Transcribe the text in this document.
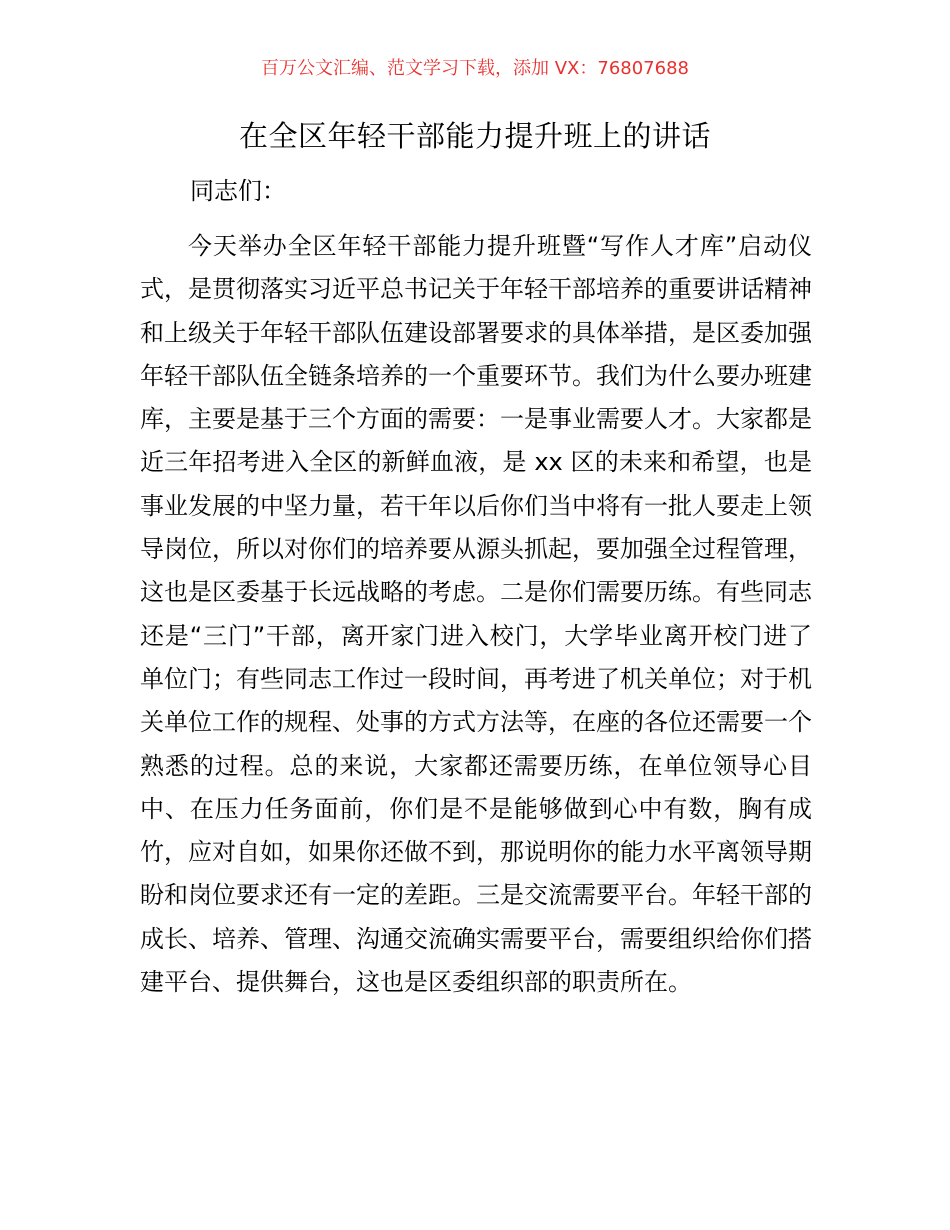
百万公文汇编、范文学习下载，添加 VX：76807688
在全区年轻干部能力提升班上的讲话
同志们：

今天举办全区年轻干部能力提升班暨“写作人才库”启动仪式，是贯彻落实习近平总书记关于年轻干部培养的重要讲话精神和上级关于年轻干部队伍建设部署要求的具体举措，是区委加强年轻干部队伍全链条培养的一个重要环节。我们为什么要办班建库，主要是基于三个方面的需要：一是事业需要人才。大家都是近三年招考进入全区的新鲜血液，是 xx 区的未来和希望，也是事业发展的中坚力量，若干年以后你们当中将有一批人要走上领导岗位，所以对你们的培养要从源头抓起，要加强全过程管理，这也是区委基于长远战略的考虑。二是你们需要历练。有些同志还是“三门”干部，离开家门进入校门，大学毕业离开校门进了单位门；有些同志工作过一段时间，再考进了机关单位；对于机关单位工作的规程、处事的方式方法等，在座的各位还需要一个熟悉的过程。总的来说，大家都还需要历练，在单位领导心目中、在压力任务面前，你们是不是能够做到心中有数，胸有成竹，应对自如，如果你还做不到，那说明你的能力水平离领导期盼和岗位要求还有一定的差距。三是交流需要平台。年轻干部的成长、培养、管理、沟通交流确实需要平台，需要组织给你们搭建平台、提供舞台，这也是区委组织部的职责所在。
